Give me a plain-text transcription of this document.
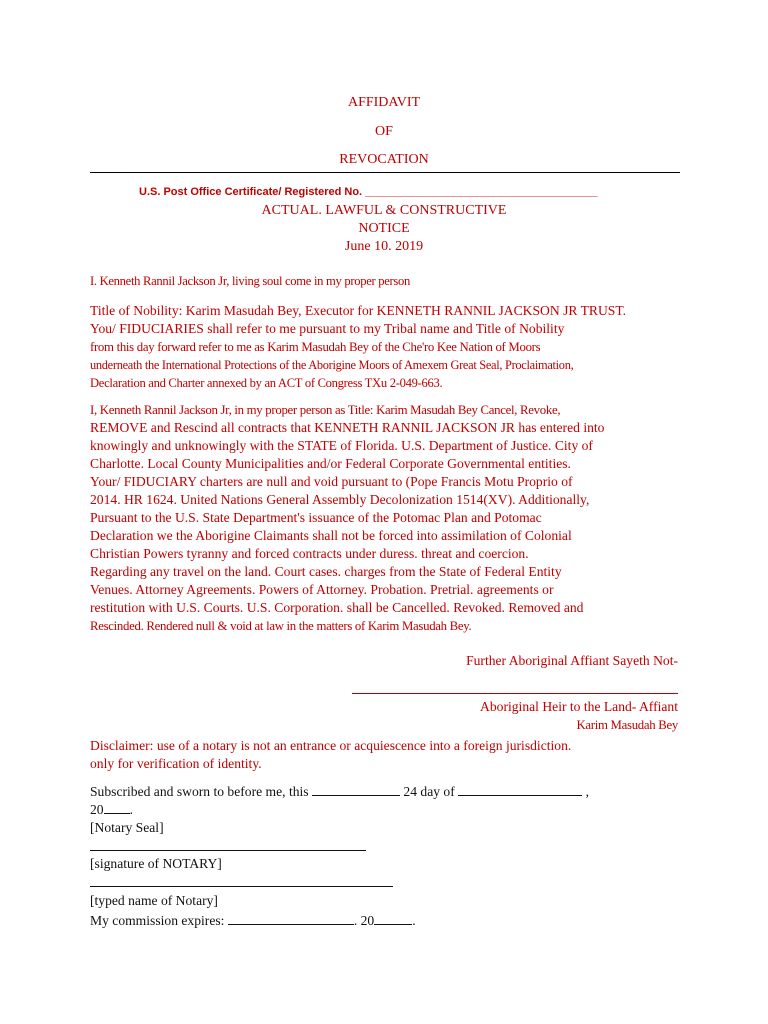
AFFIDAVIT
OF
REVOCATION
U.S. Post Office Certificate/ Registered No. ______________________________________
ACTUAL. LAWFUL & CONSTRUCTIVE
NOTICE
June 10. 2019
I. Kenneth Rannil Jackson Jr, living soul come in my proper person
Title of Nobility: Karim Masudah Bey, Executor for KENNETH RANNIL JACKSON JR TRUST.
You/ FIDUCIARIES shall refer to me pursuant to my Tribal name and Title of Nobility
from this day forward refer to me as Karim Masudah Bey of the Che'ro Kee Nation of Moors
underneath the International Protections of the Aborigine Moors of Amexem Great Seal, Proclaimation,
Declaration and Charter annexed by an ACT of Congress TXu 2-049-663.
I, Kenneth Rannil Jackson Jr, in my proper person as Title: Karim Masudah Bey Cancel, Revoke,
REMOVE and Rescind all contracts that KENNETH RANNIL JACKSON JR has entered into
knowingly and unknowingly with the STATE of Florida. U.S. Department of Justice. City of
Charlotte. Local County Municipalities and/or Federal Corporate Governmental entities.
Your/ FIDUCIARY charters are null and void pursuant to (Pope Francis Motu Proprio of
2014. HR 1624. United Nations General Assembly Decolonization 1514(XV). Additionally,
Pursuant to the U.S. State Department's issuance of the Potomac Plan and Potomac
Declaration we the Aborigine Claimants shall not be forced into assimilation of Colonial
Christian Powers tyranny and forced contracts under duress. threat and coercion.
Regarding any travel on the land. Court cases. charges from the State of Federal Entity
Venues. Attorney Agreements. Powers of Attorney. Probation. Pretrial. agreements or
restitution with U.S. Courts. U.S. Corporation. shall be Cancelled. Revoked. Removed and
Rescinded. Rendered null & void at law in the matters of Karim Masudah Bey.
Further Aboriginal Affiant Sayeth Not-
Aboriginal Heir to the Land- Affiant
Karim Masudah Bey
Disclaimer: use of a notary is not an entrance or acquiescence into a foreign jurisdiction.
only for verification of identity.
Subscribed and sworn to before me, this	24 day of	,
20 .
[Notary Seal]
[signature of NOTARY]
[typed name of Notary]
My commission expires:	. 20	.
